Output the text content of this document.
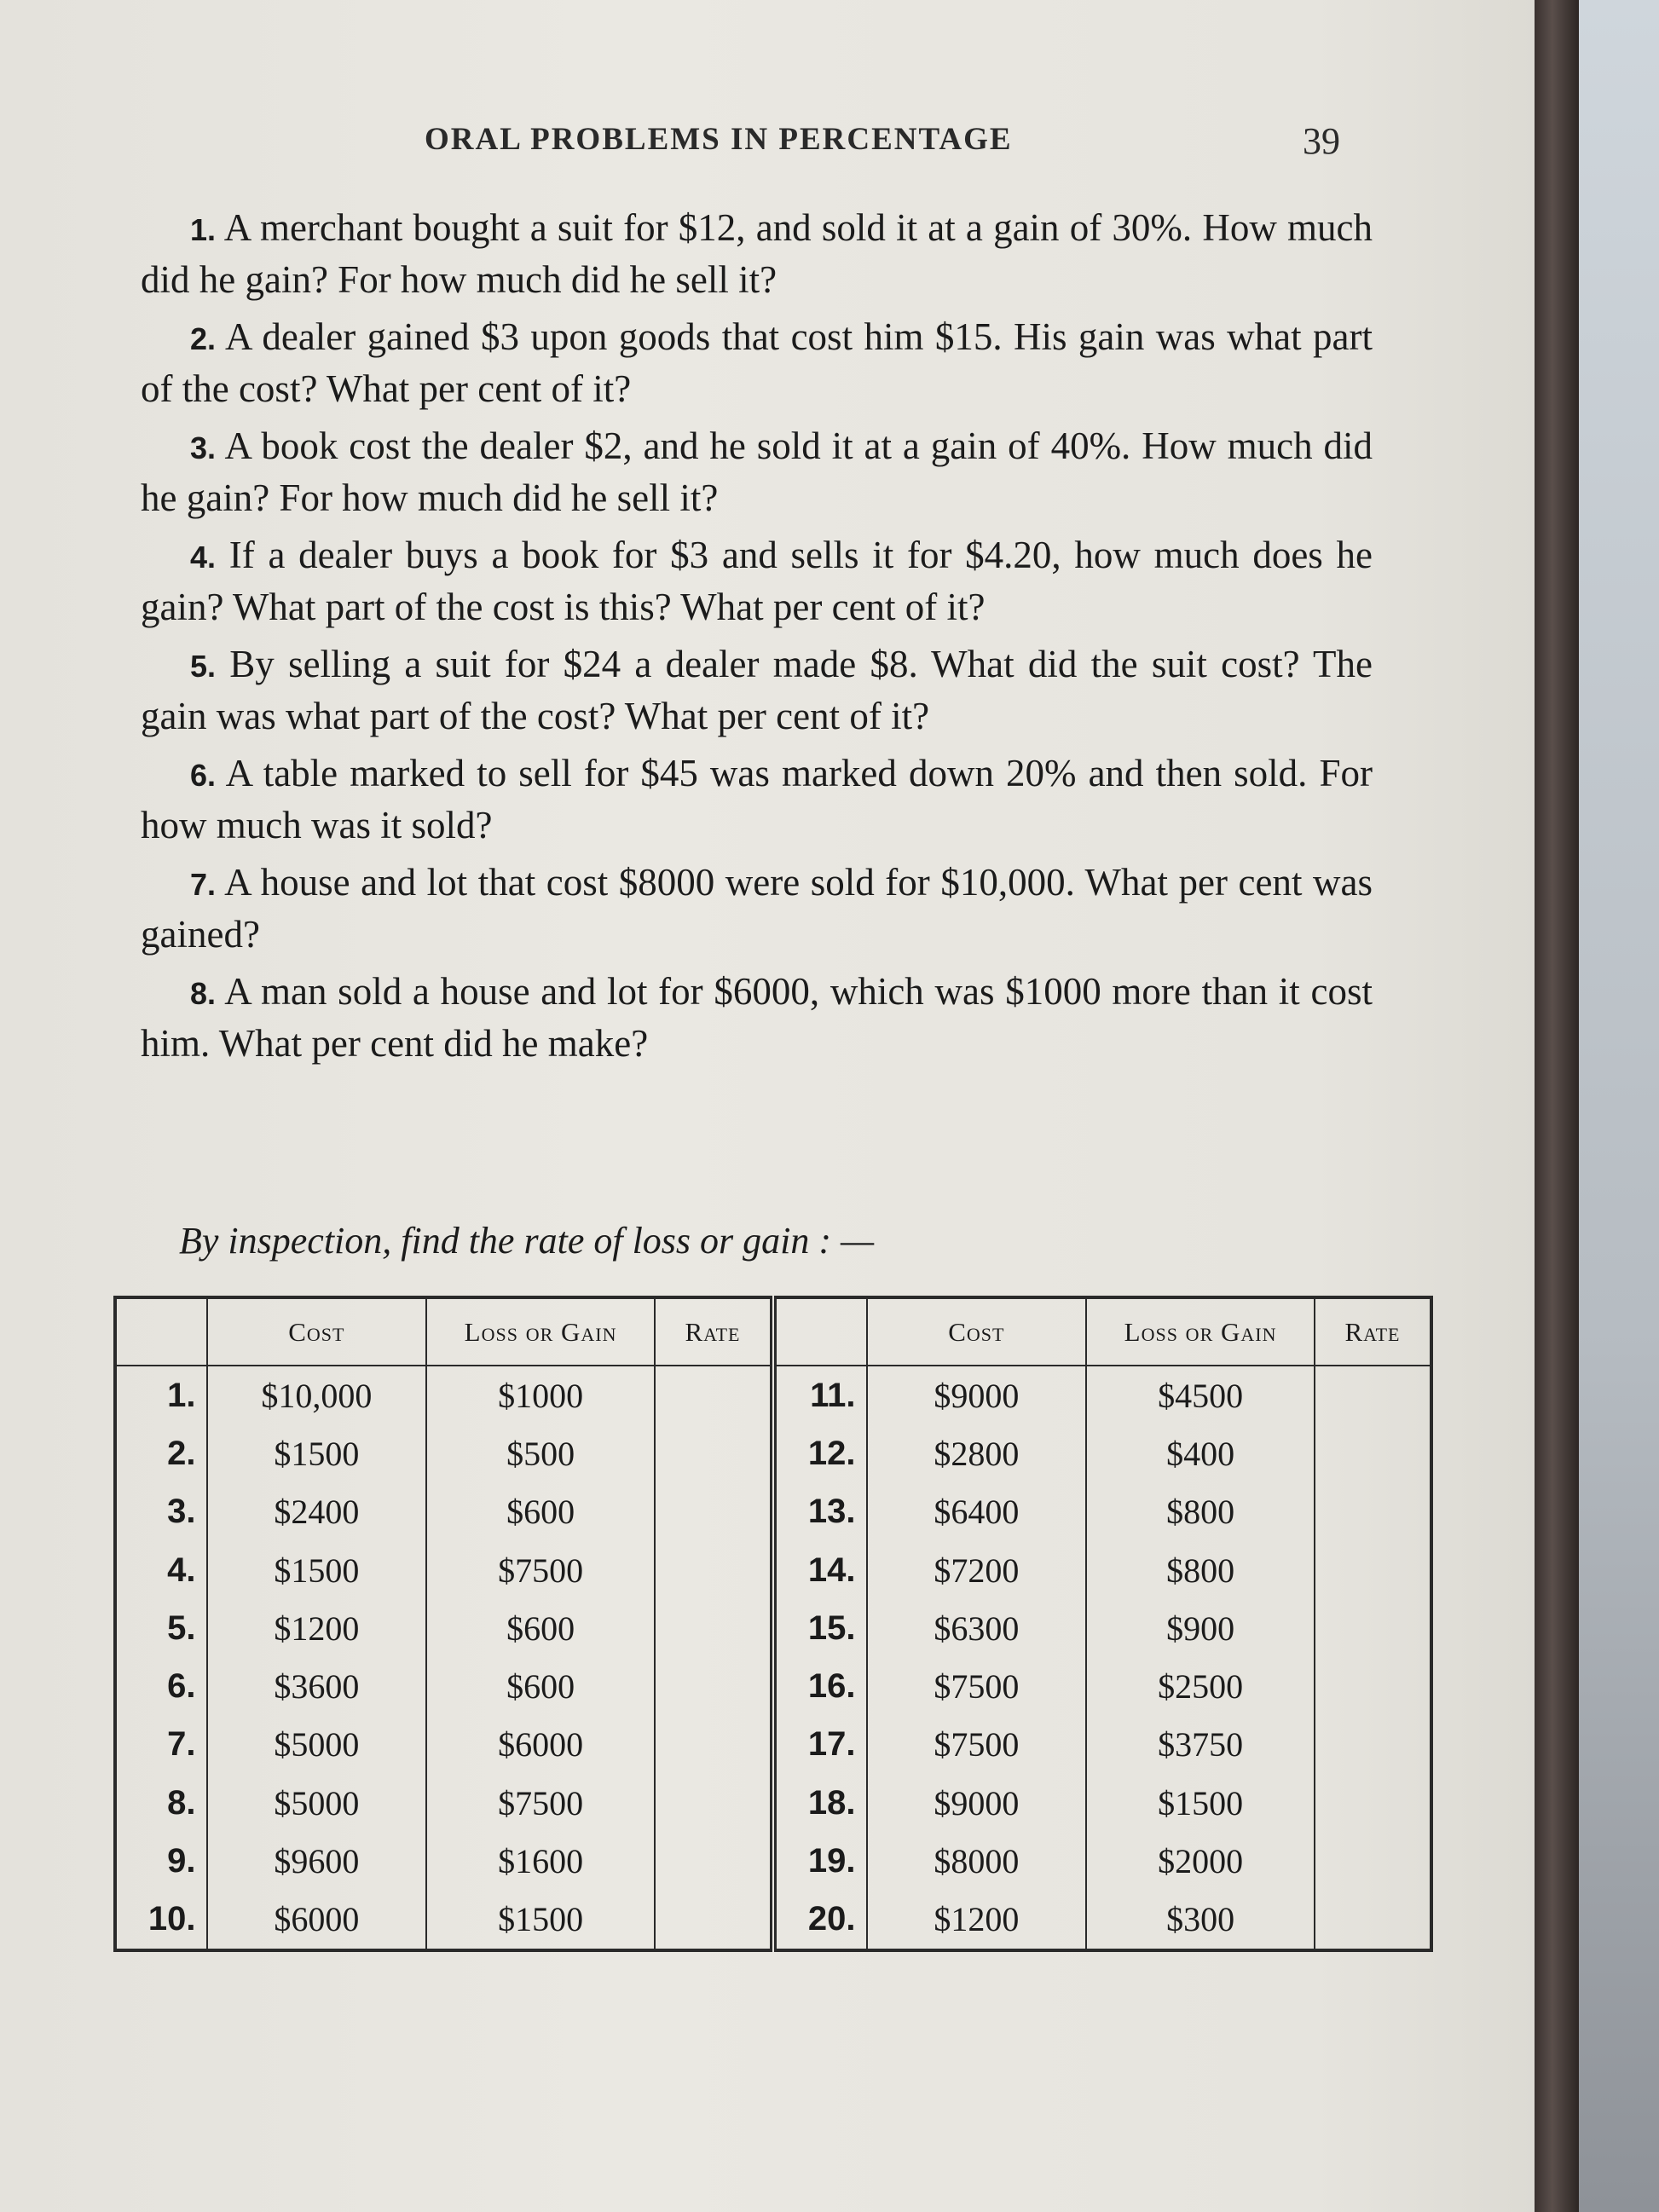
ORAL PROBLEMS IN PERCENTAGE	39

1. A merchant bought a suit for $12, and sold it at a gain of 30%. How much did he gain? For how much did he sell it?

2. A dealer gained $3 upon goods that cost him $15. His gain was what part of the cost? What per cent of it?

3. A book cost the dealer $2, and he sold it at a gain of 40%. How much did he gain? For how much did he sell it?

4. If a dealer buys a book for $3 and sells it for $4.20, how much does he gain? What part of the cost is this? What per cent of it?

5. By selling a suit for $24 a dealer made $8. What did the suit cost? The gain was what part of the cost? What per cent of it?

6. A table marked to sell for $45 was marked down 20% and then sold. For how much was it sold?

7. A house and lot that cost $8000 were sold for $10,000. What per cent was gained?

8. A man sold a house and lot for $6000, which was $1000 more than it cost him. What per cent did he make?

By inspection, find the rate of loss or gain : —
	Cost	Loss or Gain	Rate		Cost	Loss or Gain	Rate
1.	$10,000	$1000		11.	$9000	$4500	
2.	$1500	$500		12.	$2800	$400	
3.	$2400	$600		13.	$6400	$800	
4.	$1500	$7500		14.	$7200	$800	
5.	$1200	$600		15.	$6300	$900	
6.	$3600	$600		16.	$7500	$2500	
7.	$5000	$6000		17.	$7500	$3750	
8.	$5000	$7500		18.	$9000	$1500	
9.	$9600	$1600		19.	$8000	$2000	
10.	$6000	$1500		20.	$1200	$300	
